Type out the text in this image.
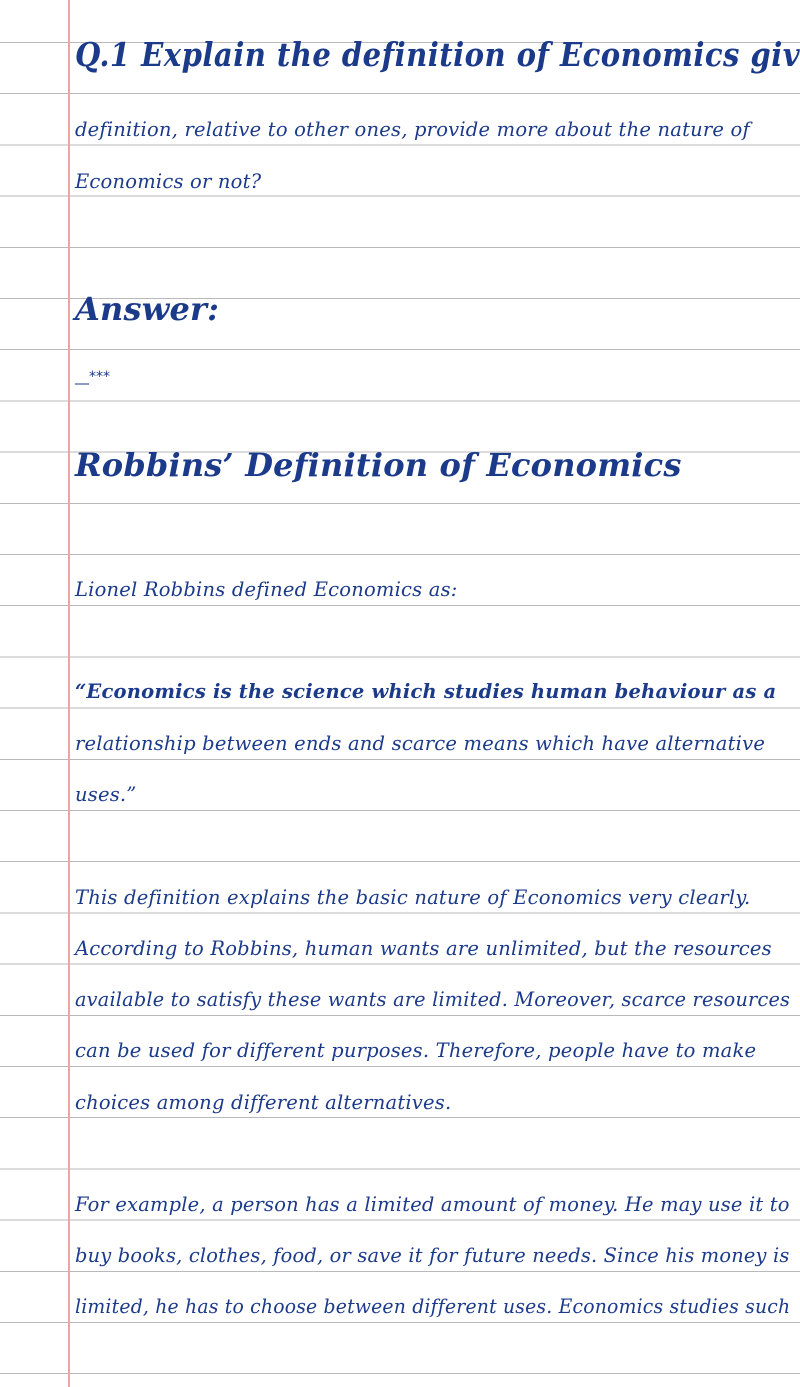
Q.1 Explain the definition of Economics giv
definition, relative to other ones, provide more about the nature of
Economics or not?
Answer:
__***
Robbins’ Definition of Economics
Lionel Robbins defined Economics as:
“Economics is the science which studies human behaviour as a
relationship between ends and scarce means which have alternative
uses.”
This definition explains the basic nature of Economics very clearly.
According to Robbins, human wants are unlimited, but the resources
available to satisfy these wants are limited. Moreover, scarce resources
can be used for different purposes. Therefore, people have to make
choices among different alternatives.
For example, a person has a limited amount of money. He may use it to
buy books, clothes, food, or save it for future needs. Since his money is
limited, he has to choose between different uses. Economics studies such
